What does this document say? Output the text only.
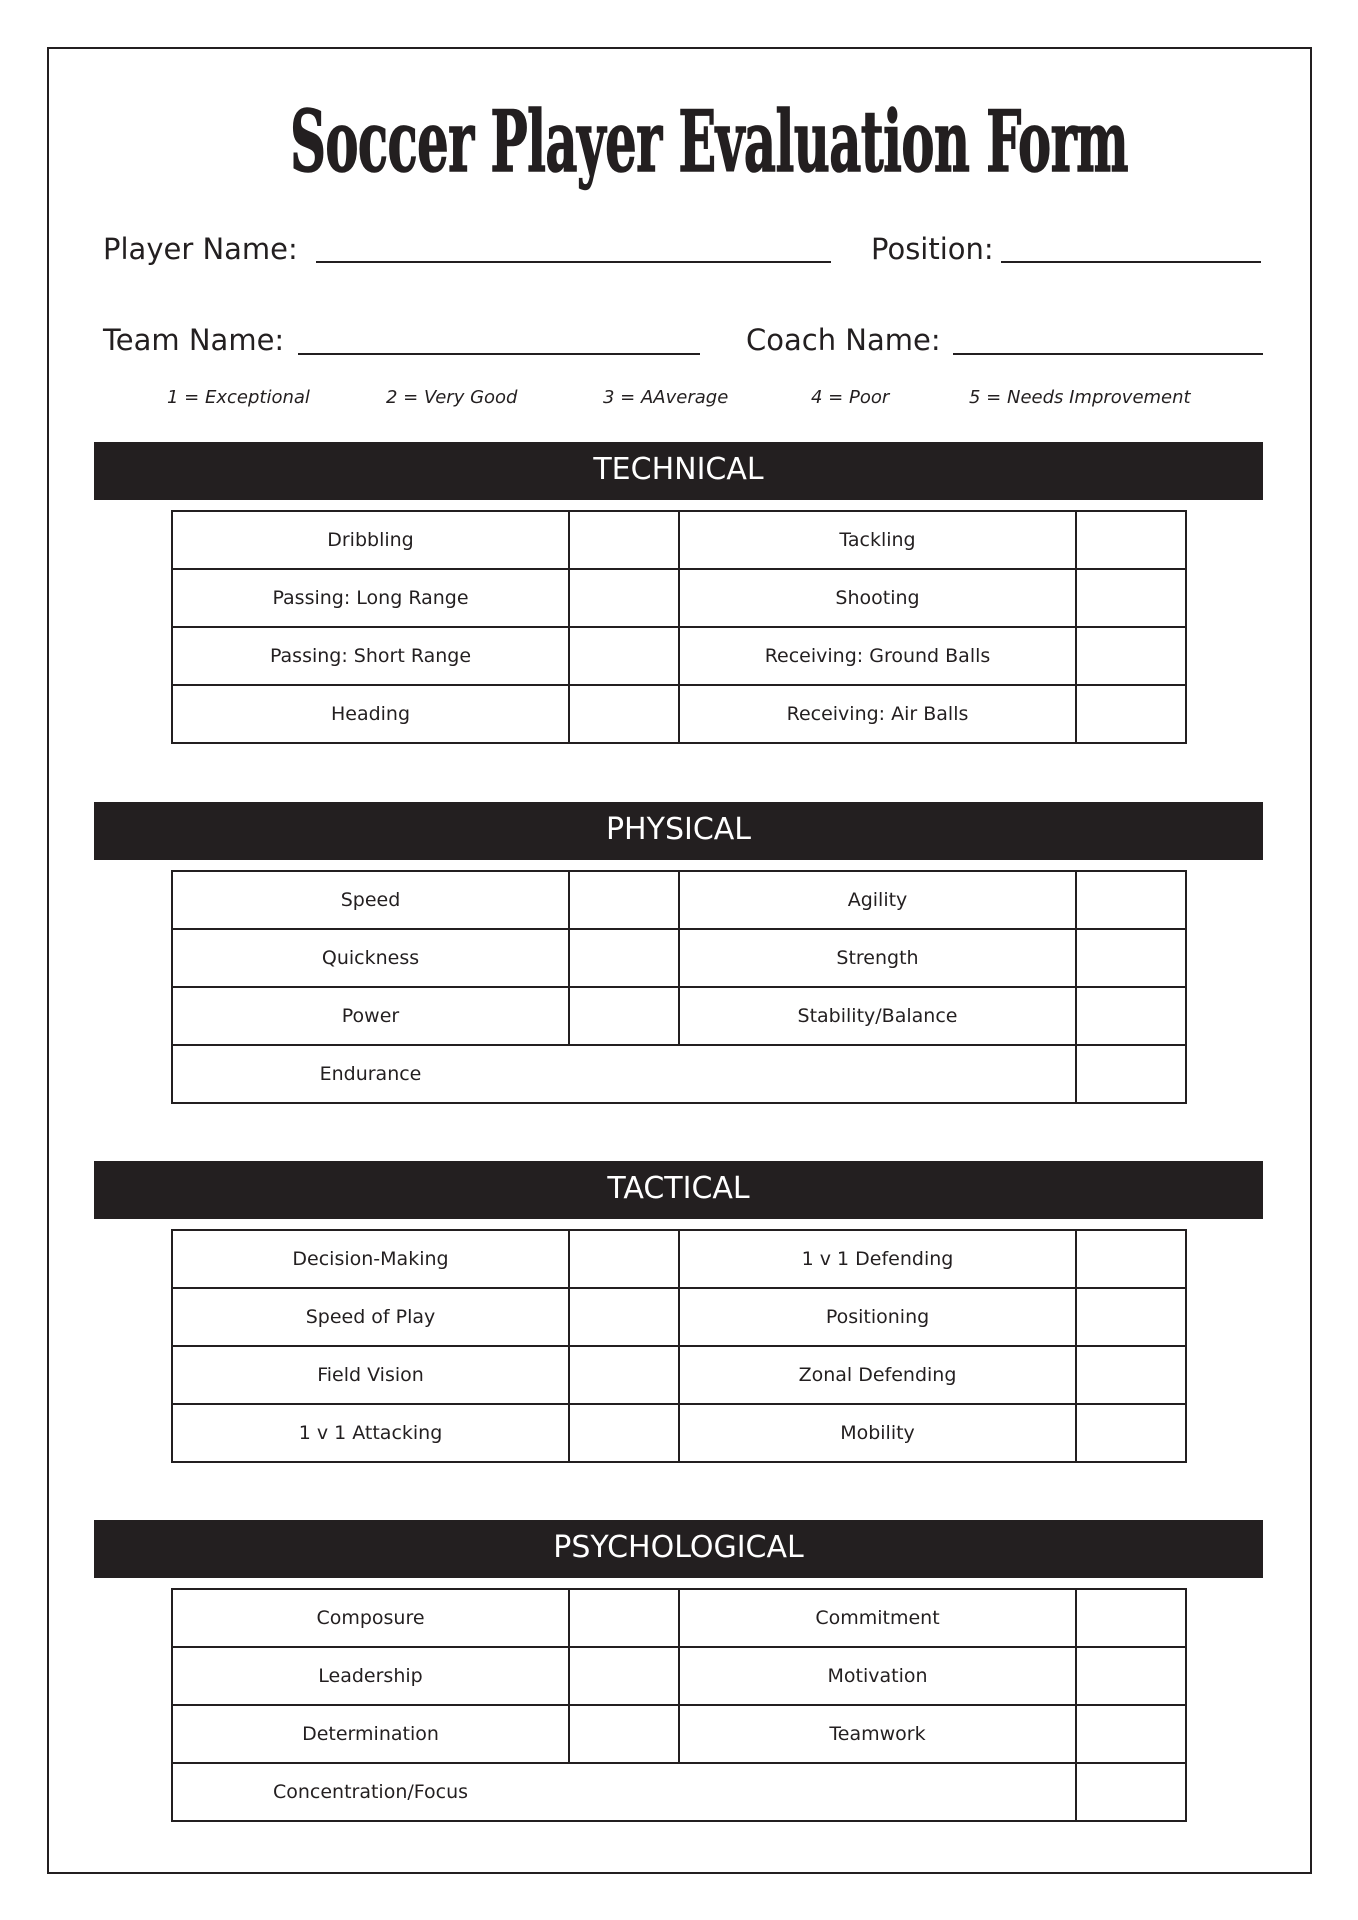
Soccer Player Evaluation Form
Player Name:	Position:
Team Name:	Coach Name:
1 = Exceptional	2 = Very Good	3 = AAverage	4 = Poor	5 = Needs Improvement
TECHNICAL
Dribbling		Tackling	
Passing: Long Range		Shooting	
Passing: Short Range		Receiving: Ground Balls	
Heading		Receiving: Air Balls	
PHYSICAL
Speed		Agility	
Quickness		Strength	
Power		Stability/Balance	

Endurance			

TACTICAL
Decision-Making		1 v 1 Defending	
Speed of Play		Positioning	
Field Vision		Zonal Defending	
1 v 1 Attacking		Mobility	
PSYCHOLOGICAL
Composure		Commitment	
Leadership		Motivation	
Determination		Teamwork	

Concentration/Focus			
